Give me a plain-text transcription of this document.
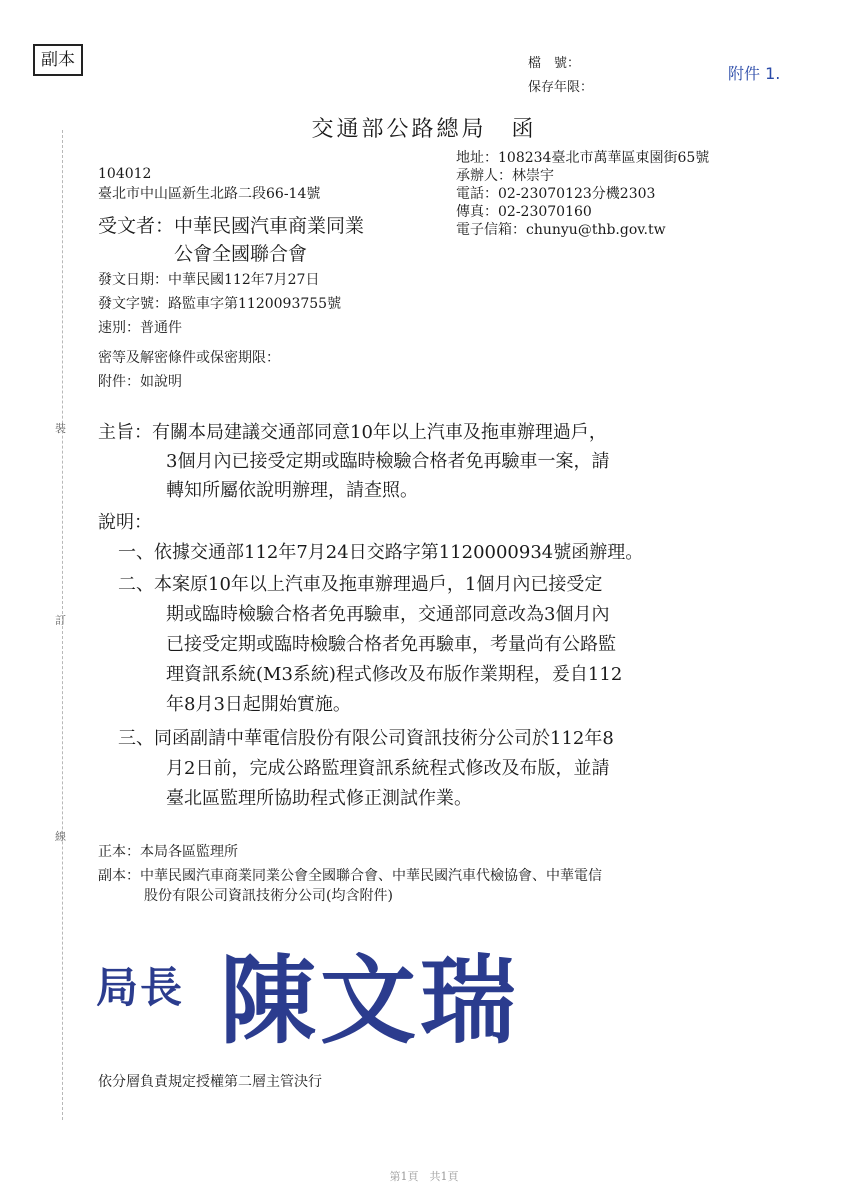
副本	檔　號：
保存年限：
附件 1.
交通部公路總局　函
地址：108234臺北市萬華區東園街65號
承辦人：林崇宇
電話：02-23070123分機2303
傳真：02-23070160
電子信箱：chunyu@thb.gov.tw
104012
臺北市中山區新生北路二段66-14號
受文者：中華民國汽車商業同業
公會全國聯合會
發文日期：中華民國112年7月27日
發文字號：路監車字第1120093755號
速別：普通件
密等及解密條件或保密期限：
附件：如說明
主旨：有關本局建議交通部同意10年以上汽車及拖車辦理過戶，
3個月內已接受定期或臨時檢驗合格者免再驗車一案，請
轉知所屬依說明辦理，請查照。
說明：
一、依據交通部112年7月24日交路字第1120000934號函辦理。
二、本案原10年以上汽車及拖車辦理過戶，1個月內已接受定
期或臨時檢驗合格者免再驗車，交通部同意改為3個月內
已接受定期或臨時檢驗合格者免再驗車，考量尚有公路監
理資訊系統(M3系統)程式修改及布版作業期程，爰自112
年8月3日起開始實施。
三、同函副請中華電信股份有限公司資訊技術分公司於112年8
月2日前，完成公路監理資訊系統程式修改及布版，並請
臺北區監理所協助程式修正測試作業。
正本：本局各區監理所
副本：中華民國汽車商業同業公會全國聯合會、中華民國汽車代檢協會、中華電信
股份有限公司資訊技術分公司(均含附件)
裝
訂
線
局長 陳文瑞
依分層負責規定授權第二層主管決行
第1頁　共1頁
